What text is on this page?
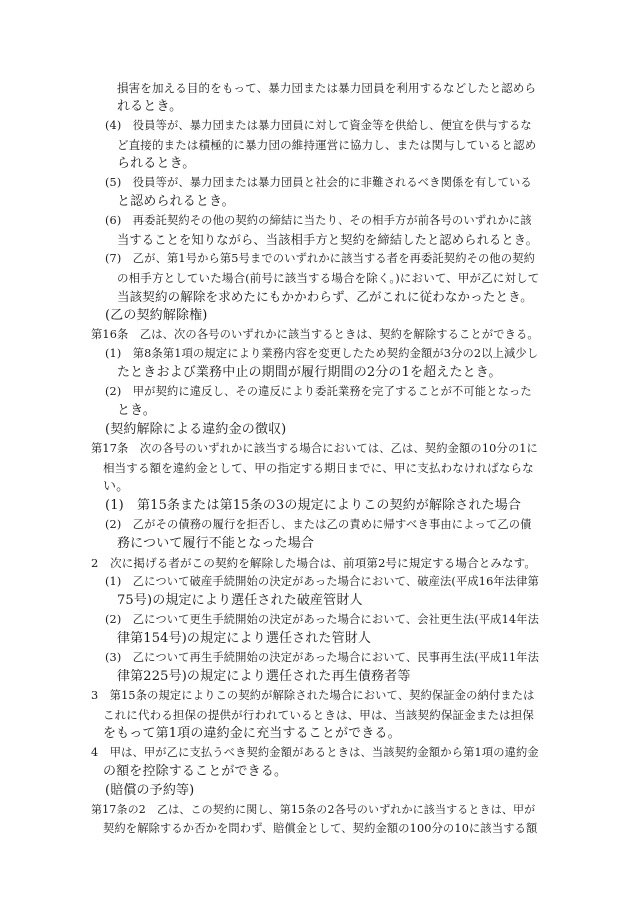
損害を加える目的をもって、暴力団または暴力団員を利用するなどしたと認めら
れるとき。
(4)　役員等が、暴力団または暴力団員に対して資金等を供給し、便宜を供与するな
ど直接的または積極的に暴力団の維持運営に協力し、または関与していると認め
られるとき。
(5)　役員等が、暴力団または暴力団員と社会的に非難されるべき関係を有している
と認められるとき。
(6)　再委託契約その他の契約の締結に当たり、その相手方が前各号のいずれかに該
当することを知りながら、当該相手方と契約を締結したと認められるとき。
(7)　乙が、第1号から第5号までのいずれかに該当する者を再委託契約その他の契約
の相手方としていた場合(前号に該当する場合を除く。)において、甲が乙に対して
当該契約の解除を求めたにもかかわらず、乙がこれに従わなかったとき。
(乙の契約解除権)
第16条　乙は、次の各号のいずれかに該当するときは、契約を解除することができる。
(1)　第8条第1項の規定により業務内容を変更したため契約金額が3分の2以上減少し
たときおよび業務中止の期間が履行期間の2分の1を超えたとき。
(2)　甲が契約に違反し、その違反により委託業務を完了することが不可能となった
とき。
(契約解除による違約金の徴収)
第17条　次の各号のいずれかに該当する場合においては、乙は、契約金額の10分の1に
相当する額を違約金として、甲の指定する期日までに、甲に支払わなければならな
い。
(1)　第15条または第15条の3の規定によりこの契約が解除された場合
(2)　乙がその債務の履行を拒否し、または乙の責めに帰すべき事由によって乙の債
務について履行不能となった場合
2　次に掲げる者がこの契約を解除した場合は、前項第2号に規定する場合とみなす。
(1)　乙について破産手続開始の決定があった場合において、破産法(平成16年法律第
75号)の規定により選任された破産管財人
(2)　乙について更生手続開始の決定があった場合において、会社更生法(平成14年法
律第154号)の規定により選任された管財人
(3)　乙について再生手続開始の決定があった場合において、民事再生法(平成11年法
律第225号)の規定により選任された再生債務者等
3　第15条の規定によりこの契約が解除された場合において、契約保証金の納付または
これに代わる担保の提供が行われているときは、甲は、当該契約保証金または担保
をもって第1項の違約金に充当することができる。
4　甲は、甲が乙に支払うべき契約金額があるときは、当該契約金額から第1項の違約金
の額を控除することができる。
(賠償の予約等)
第17条の2　乙は、この契約に関し、第15条の2各号のいずれかに該当するときは、甲が
契約を解除するか否かを問わず、賠償金として、契約金額の100分の10に該当する額
